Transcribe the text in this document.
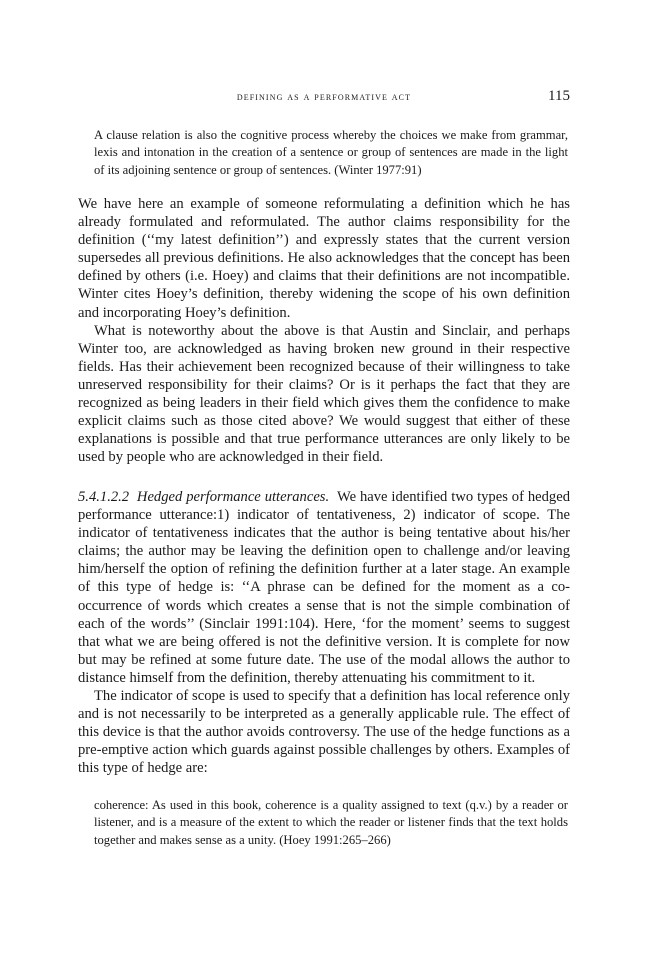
defining as a performative act	115
A clause relation is also the cognitive process whereby the choices we make from grammar, lexis and intonation in the creation of a sentence or group of sentences are made in the light of its adjoining sentence or group of sentences. (Winter 1977:91)

We have here an example of someone reformulating a definition which he has already formulated and reformulated. The author claims responsibility for the definition (‘‘my latest definition’’) and expressly states that the current version supersedes all previous definitions. He also acknowledges that the concept has been defined by others (i.e. Hoey) and claims that their definitions are not incompatible. Winter cites Hoey’s definition, thereby widening the scope of his own definition and incorporating Hoey’s definition.

What is noteworthy about the above is that Austin and Sinclair, and perhaps Winter too, are acknowledged as having broken new ground in their respective fields. Has their achievement been recognized because of their willingness to take unreserved responsibility for their claims? Or is it perhaps the fact that they are recognized as being leaders in their field which gives them the confidence to make explicit claims such as those cited above? We would suggest that either of these explanations is possible and that true performance utterances are only likely to be used by people who are acknowledged in their field.

5.4.1.2.2 Hedged performance utterances. We have identified two types of hedged performance utterance:1) indicator of tentativeness, 2) indicator of scope. The indicator of tentativeness indicates that the author is being tentative about his/her claims; the author may be leaving the definition open to challenge and/or leaving him/herself the option of refining the definition further at a later stage. An example of this type of hedge is: ‘‘A phrase can be defined for the moment as a co-occurrence of words which creates a sense that is not the simple combination of each of the words’’ (Sinclair 1991:104). Here, ‘for the moment’ seems to suggest that what we are being offered is not the definitive version. It is complete for now but may be refined at some future date. The use of the modal allows the author to distance himself from the definition, thereby attenuating his commitment to it.

The indicator of scope is used to specify that a definition has local reference only and is not necessarily to be interpreted as a generally applicable rule. The effect of this device is that the author avoids controversy. The use of the hedge functions as a pre-emptive action which guards against possible challenges by others. Examples of this type of hedge are:

coherence: As used in this book, coherence is a quality assigned to text (q.v.) by a reader or listener, and is a measure of the extent to which the reader or listener finds that the text holds together and makes sense as a unity. (Hoey 1991:265–266)
